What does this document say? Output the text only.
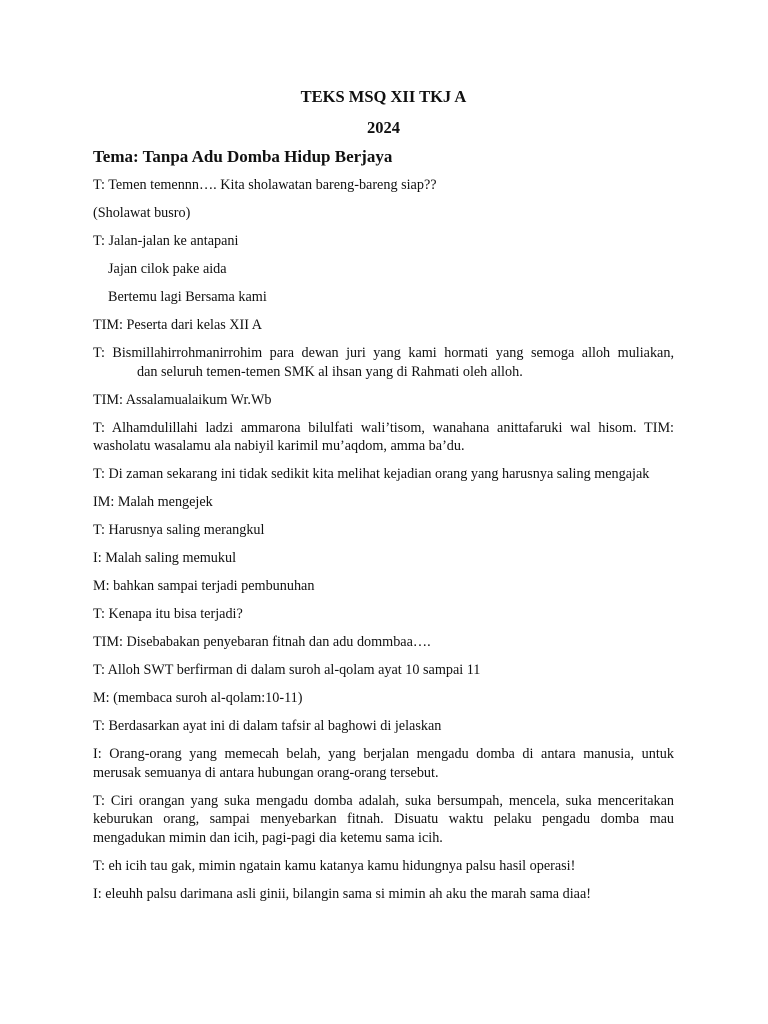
TEKS MSQ XII TKJ A

2024

Tema: Tanpa Adu Domba Hidup Berjaya

T: Temen temennn…. Kita sholawatan bareng-bareng siap??

(Sholawat busro)

T: Jalan-jalan ke antapani

Jajan cilok pake aida

Bertemu lagi Bersama kami

TIM: Peserta dari kelas XII A

T: Bismillahirrohmanirrohim para dewan juri yang kami hormati yang semoga alloh muliakan,dan seluruh temen-temen SMK al ihsan yang di Rahmati oleh alloh.

TIM: Assalamualaikum Wr.Wb

T: Alhamdulillahi ladzi ammarona bilulfati wali’tisom, wanahana anittafaruki wal hisom. TIM: washolatu wasalamu ala nabiyil karimil mu’aqdom, amma ba’du.

T: Di zaman sekarang ini tidak sedikit kita melihat kejadian orang yang harusnya saling mengajak

IM: Malah mengejek

T: Harusnya saling merangkul

I: Malah saling memukul

M: bahkan sampai terjadi pembunuhan

T: Kenapa itu bisa terjadi?

TIM: Disebabakan penyebaran fitnah dan adu dommbaa….

T: Alloh SWT berfirman di dalam suroh al-qolam ayat 10 sampai 11

M: (membaca suroh al-qolam:10-11)

T: Berdasarkan ayat ini di dalam tafsir al baghowi di jelaskan

I: Orang-orang yang memecah belah, yang berjalan mengadu domba di antara manusia, untuk merusak semuanya di antara hubungan orang-orang tersebut.

T: Ciri orangan yang suka mengadu domba adalah, suka bersumpah, mencela, suka menceritakan keburukan orang, sampai menyebarkan fitnah. Disuatu waktu pelaku pengadu domba mau mengadukan mimin dan icih, pagi-pagi dia ketemu sama icih.

T: eh icih tau gak, mimin ngatain kamu katanya kamu hidungnya palsu hasil operasi!

I: eleuhh palsu darimana asli ginii, bilangin sama si mimin ah aku the marah sama diaa!
